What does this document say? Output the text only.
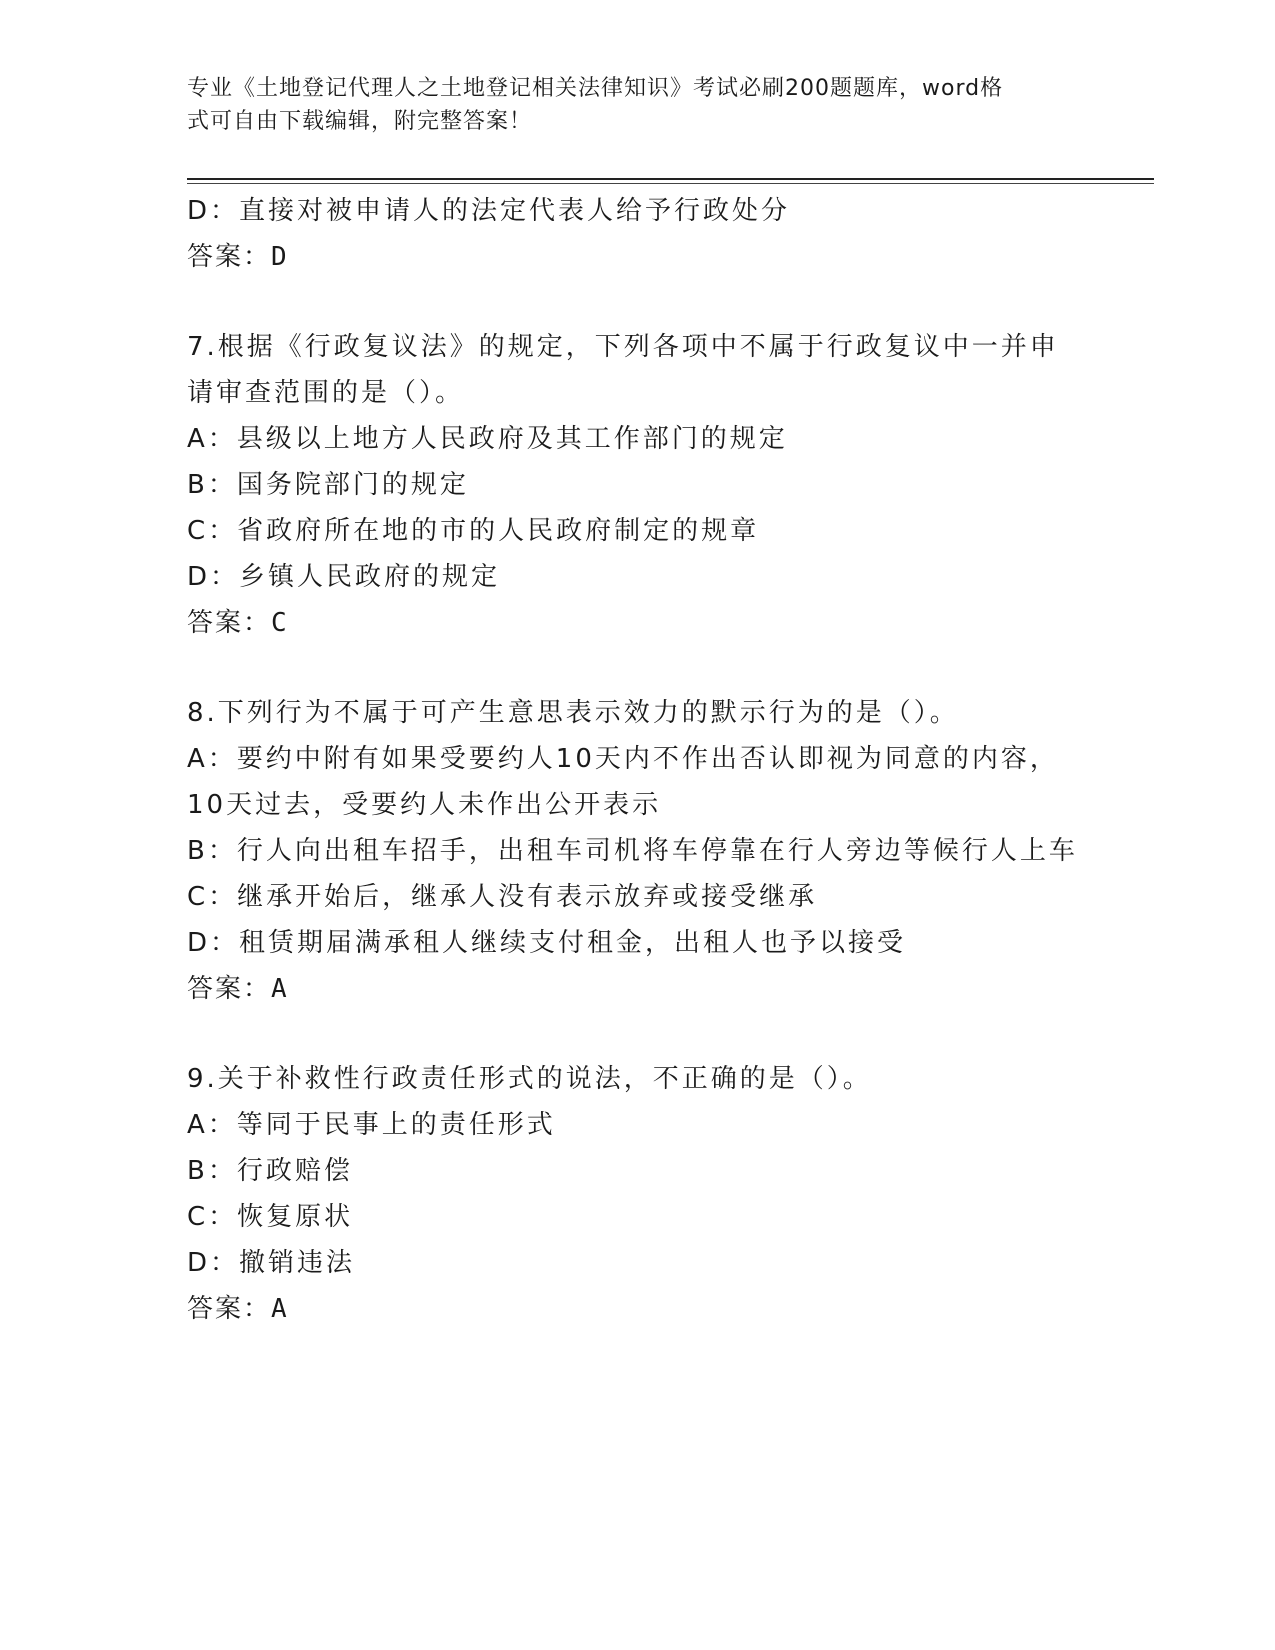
专业《土地登记代理人之土地登记相关法律知识》考试必刷200题题库，word格
式可自由下载编辑，附完整答案！
D：直接对被申请人的法定代表人给予行政处分
答案：D
7.根据《行政复议法》的规定，下列各项中不属于行政复议中一并申
请审查范围的是（）。
A：县级以上地方人民政府及其工作部门的规定
B：国务院部门的规定
C：省政府所在地的市的人民政府制定的规章
D：乡镇人民政府的规定
答案：C
8.下列行为不属于可产生意思表示效力的默示行为的是（）。
A：要约中附有如果受要约人10天内不作出否认即视为同意的内容，
10天过去，受要约人未作出公开表示
B：行人向出租车招手，出租车司机将车停靠在行人旁边等候行人上车
C：继承开始后，继承人没有表示放弃或接受继承
D：租赁期届满承租人继续支付租金，出租人也予以接受
答案：A
9.关于补救性行政责任形式的说法，不正确的是（）。
A：等同于民事上的责任形式
B：行政赔偿
C：恢复原状
D：撤销违法
答案：A
